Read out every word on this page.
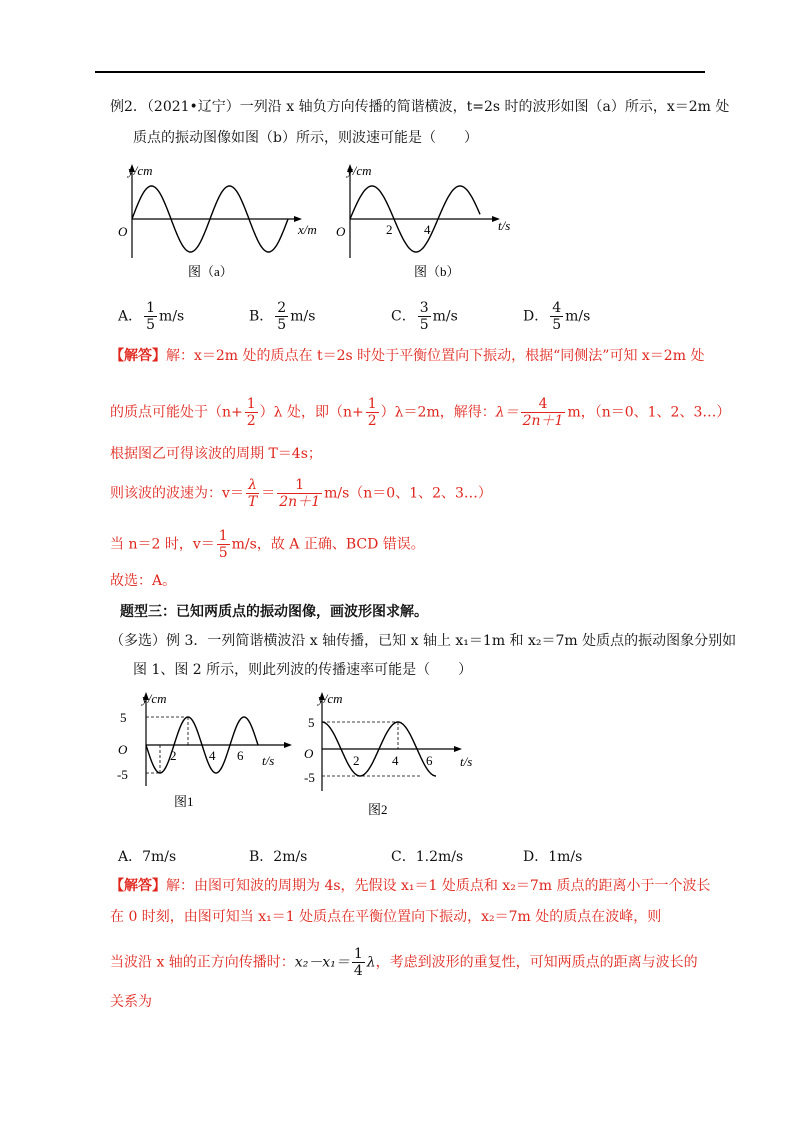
例2．（2021•辽宁）一列沿 x 轴负方向传播的简谐横波，t=2s 时的波形如图（a）所示，x＝2m 处
质点的振动图像如图（b）所示，则波速可能是（　　）
y/cm
x/m
O
图（a）
y/cm
t/s
O	2 4
图（b）
A． $\frac{1}{5} m/s$	B． $\frac{2}{5} m/s$	C． $\frac{3}{5} m/s$	D． $\frac{4}{5} m/s$
【解答】解：x＝2m 处的质点在 t＝2s 时处于平衡位置向下振动，根据“同侧法”可知 x＝2m 处
的质点可能处于$(n+ \frac{1}{2} )\lambda$ 处，即$(n+ \frac{1}{2} )\lambda=2m$，解得：$\lambda= \frac{4}{2n+1}$ m，（n＝0、1、2、3…）
根据图乙可得该波的周期 T＝4s；
则该波的波速为：$v= \frac{\lambda}{T} = \frac{1}{2n+1} m/s(n=0$、1、2、3…）
当 n＝2 时，$v= \frac{1}{5} m/s$，故 A 正确、BCD 错误。
故选：A。
题型三：已知两质点的振动图像，画波形图求解。
（多选）例 3．一列简谐横波沿 x 轴传播，已知 x 轴上 x₁＝1m 和 x₂＝7m 处质点的振动图象分别如
图 1、图 2 所示，则此列波的传播速率可能是（　　）
y/cm
t/s
O
5
-5
2	4 6
图1
y/cm
t/s
O
5
-5
2	4 6
图2
A．7m/s	B．2m/s	C．1.2m/s	D．1m/s
【解答】解：由图可知波的周期为 4s，先假设 x₁＝1 处质点和 x₂＝7m 质点的距离小于一个波长
在 0 时刻，由图可知当 x₁＝1 处质点在平衡位置向下振动，x₂＝7m 处的质点在波峰，则
当波沿 x 轴的正方向传播时：$x_2-x_1= \frac{1}{4}$ λ，考虑到波形的重复性，可知两质点的距离与波长的
关系为
